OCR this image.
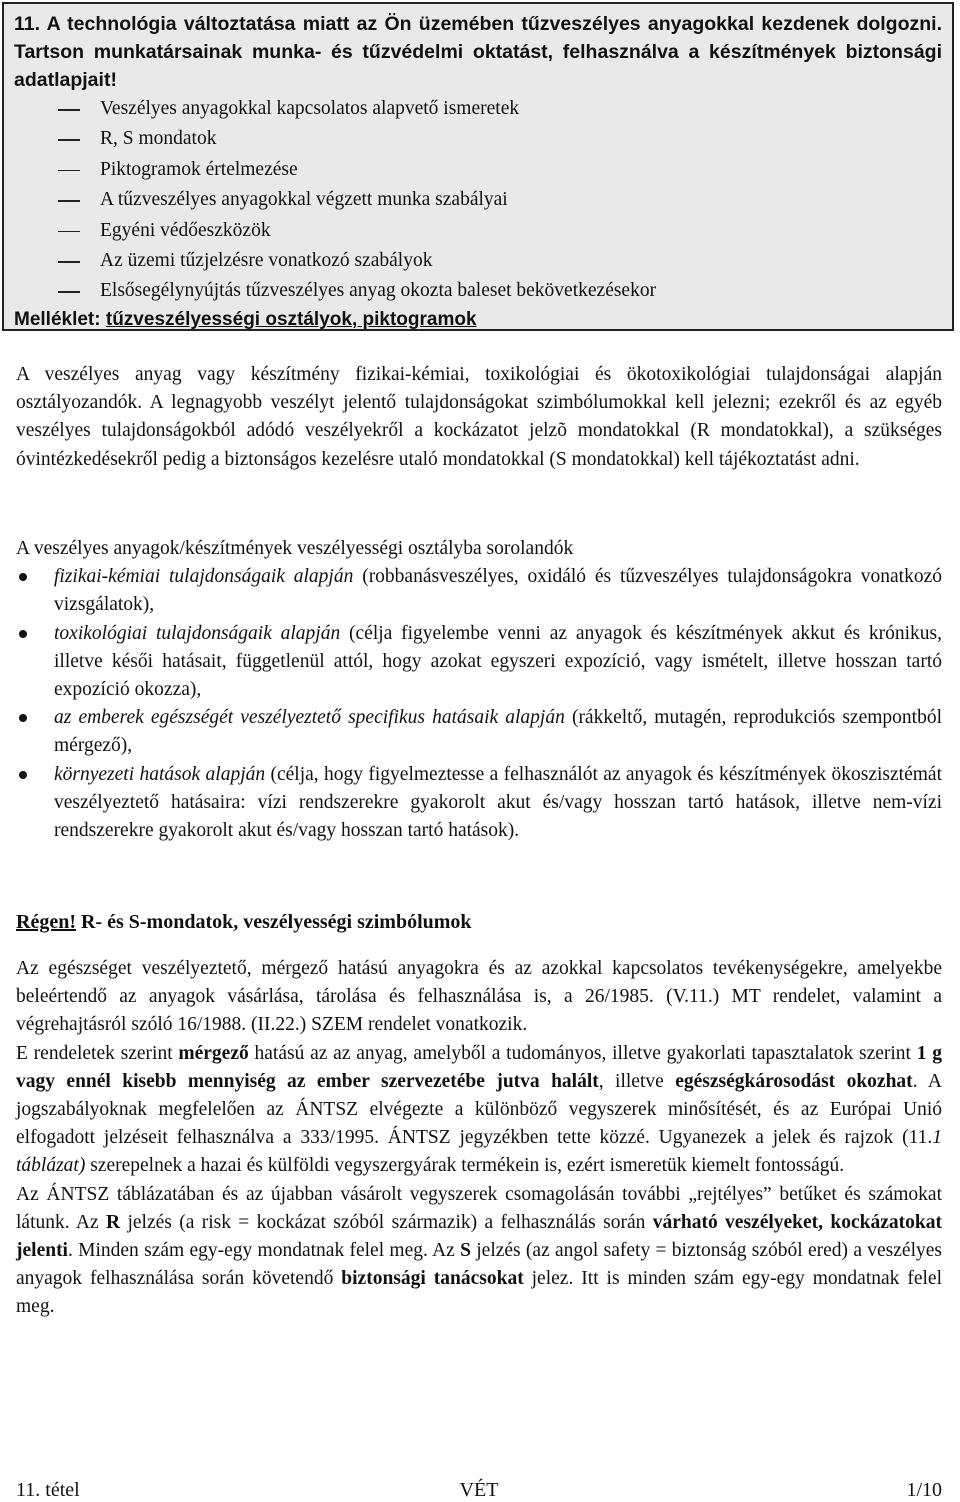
11. A technológia változtatása miatt az Ön üzemében tűzveszélyes anyagokkal kezdenek dolgozni. Tartson munkatársainak munka- és tűzvédelmi oktatást, felhasználva a készítmények biztonsági adatlapjait!

Veszélyes anyagokkal kapcsolatos alapvető ismeretek
R, S mondatok
Piktogramok értelmezése
A tűzveszélyes anyagokkal végzett munka szabályai
Egyéni védőeszközök
Az üzemi tűzjelzésre vonatkozó szabályok
Elsősegélynyújtás tűzveszélyes anyag okozta baleset bekövetkezésekor
Melléklet: tűzveszélyességi osztályok, piktogramok

A veszélyes anyag vagy készítmény fizikai-kémiai, toxikológiai és ökotoxikológiai tulajdonságai alapján osztályozandók. A legnagyobb veszélyt jelentő tulajdonságokat szimbólumokkal kell jelezni; ezekről és az egyéb veszélyes tulajdonságokból adódó veszélyekről a kockázatot jelzõ mondatokkal (R mondatokkal), a szükséges óvintézkedésekről pedig a biztonságos kezelésre utaló mondatokkal (S mondatokkal) kell tájékoztatást adni.

A veszélyes anyagok/készítmények veszélyességi osztályba sorolandók

fizikai-kémiai tulajdonságaik alapján (robbanásveszélyes, oxidáló és tűzveszélyes tulajdonságokra vonatkozó vizsgálatok),
toxikológiai tulajdonságaik alapján (célja figyelembe venni az anyagok és készítmények akkut és krónikus, illetve késői hatásait, függetlenül attól, hogy azokat egyszeri expozíció, vagy ismételt, illetve hosszan tartó expozíció okozza),
az emberek egészségét veszélyeztető specifikus hatásaik alapján (rákkeltő, mutagén, reprodukciós szempontból mérgező),
környezeti hatások alapján (célja, hogy figyelmeztesse a felhasználót az anyagok és készítmények ökoszisztémát veszélyeztető hatásaira: vízi rendszerekre gyakorolt akut és/vagy hosszan tartó hatások, illetve nem-vízi rendszerekre gyakorolt akut és/vagy hosszan tartó hatások).
Régen! R- és S-mondatok, veszélyességi szimbólumok

Az egészséget veszélyeztető, mérgező hatású anyagokra és az azokkal kapcsolatos tevékenységekre, amelyekbe beleértendő az anyagok vásárlása, tárolása és felhasználása is, a 26/1985. (V.11.) MT rendelet, valamint a végrehajtásról szóló 16/1988. (II.22.) SZEM rendelet vonatkozik.

E rendeletek szerint mérgező hatású az az anyag, amelyből a tudományos, illetve gyakorlati tapasztalatok szerint 1 g vagy ennél kisebb mennyiség az ember szervezetébe jutva halált, illetve egészségkárosodást okozhat. A jogszabályoknak megfelelően az ÁNTSZ elvégezte a különböző vegyszerek minősítését, és az Európai Unió elfogadott jelzéseit felhasználva a 333/1995. ÁNTSZ jegyzékben tette közzé. Ugyanezek a jelek és rajzok (11.1 táblázat) szerepelnek a hazai és külföldi vegyszergyárak termékein is, ezért ismeretük kiemelt fontosságú.

Az ÁNTSZ táblázatában és az újabban vásárolt vegyszerek csomagolásán további „rejtélyes” betűket és számokat látunk. Az R jelzés (a risk = kockázat szóból származik) a felhasználás során várható veszélyeket, kockázatokat jelenti. Minden szám egy-egy mondatnak felel meg. Az S jelzés (az angol safety = biztonság szóból ered) a veszélyes anyagok felhasználása során követendő biztonsági tanácsokat jelez. Itt is minden szám egy-egy mondatnak felel meg.

11. tétel	VÉT	1/10
